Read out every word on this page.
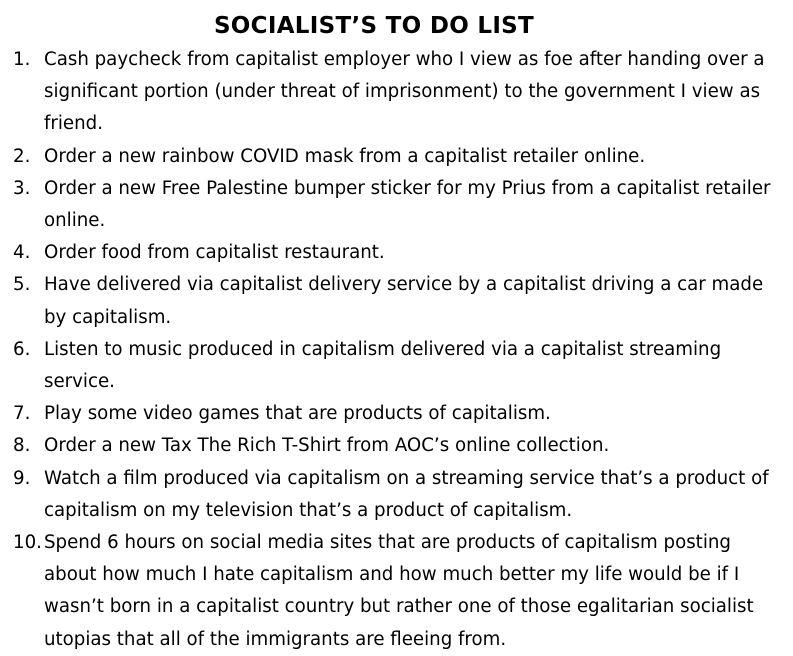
SOCIALIST’S TO DO LIST
1. Cash paycheck from capitalist employer who I view as foe after handing over a significant portion (under threat of imprisonment) to the government I view as friend.
2. Order a new rainbow COVID mask from a capitalist retailer online.
3. Order a new Free Palestine bumper sticker for my Prius from a capitalist retailer online.
4. Order food from capitalist restaurant.
5. Have delivered via capitalist delivery service by a capitalist driving a car made by capitalism.
6. Listen to music produced in capitalism delivered via a capitalist streaming service.
7. Play some video games that are products of capitalism.
8. Order a new Tax The Rich T-Shirt from AOC’s online collection.
9. Watch a film produced via capitalism on a streaming service that’s a product of capitalism on my television that’s a product of capitalism.
10. Spend 6 hours on social media sites that are products of capitalism posting about how much I hate capitalism and how much better my life would be if I wasn’t born in a capitalist country but rather one of those egalitarian socialist utopias that all of the immigrants are fleeing from.
